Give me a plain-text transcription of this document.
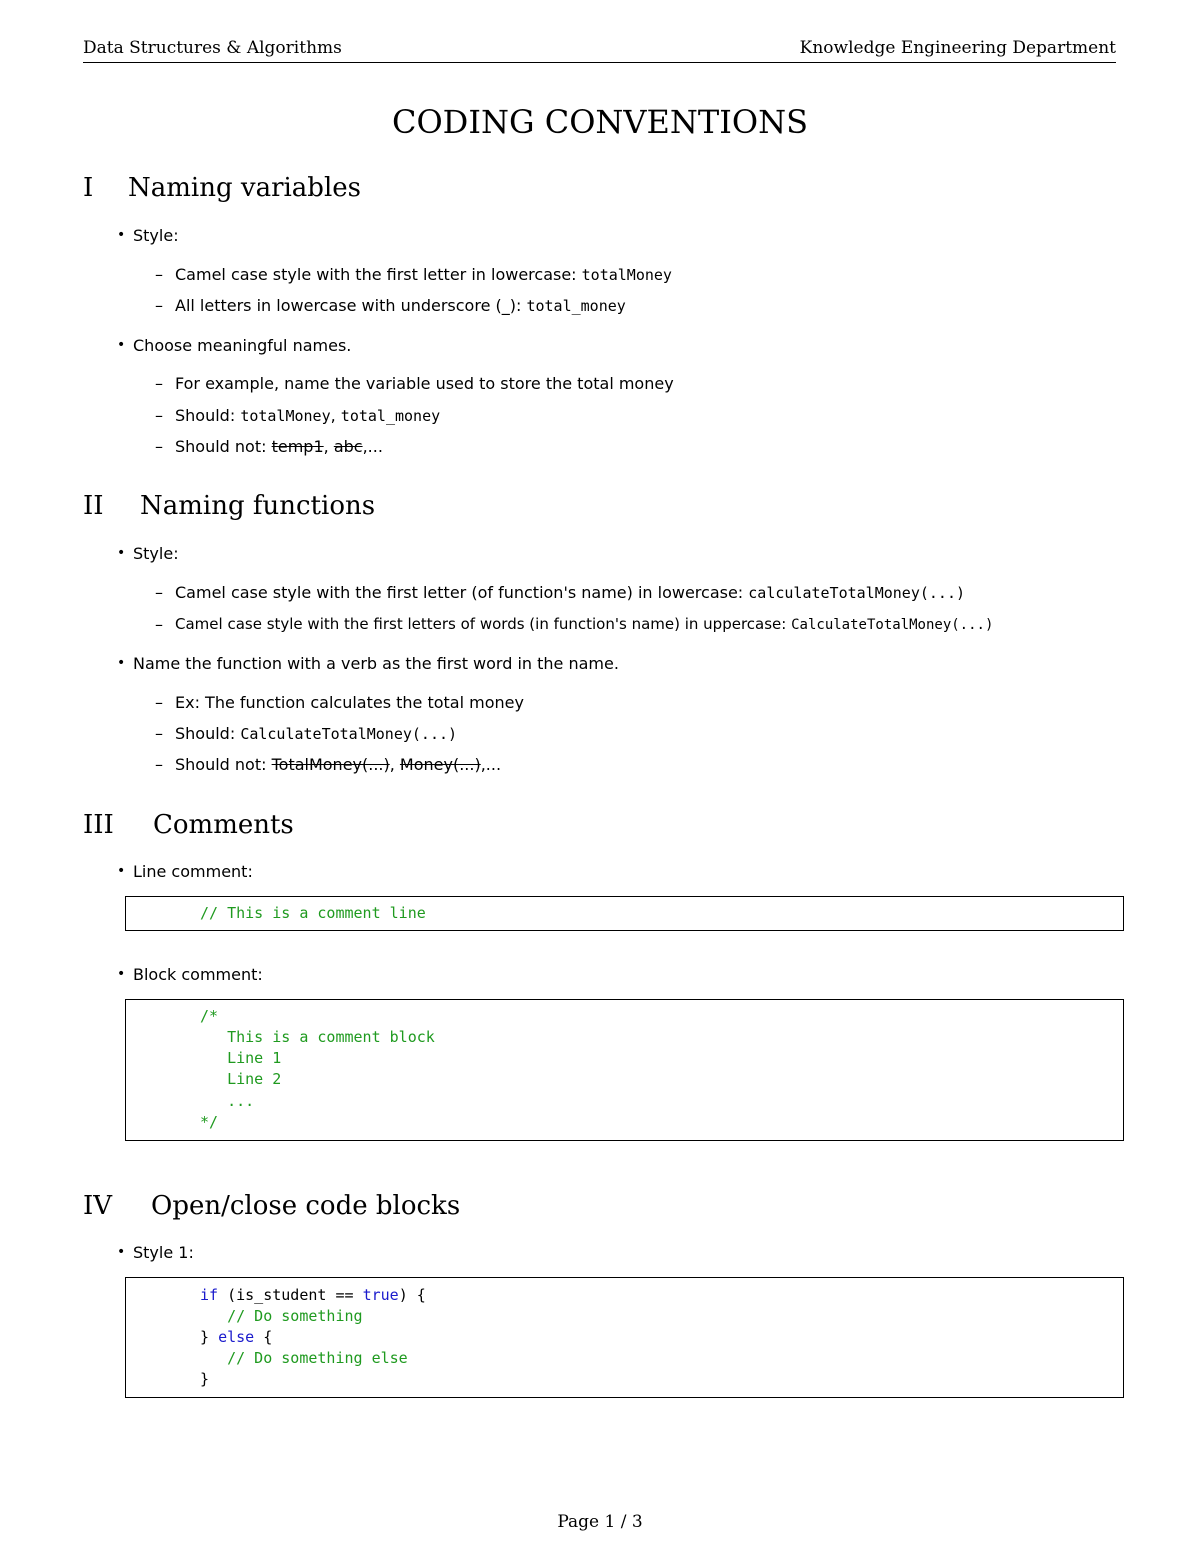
Data Structures & Algorithms	Knowledge Engineering Department
CODING CONVENTIONS
I Naming variables
• Style:
– Camel case style with the first letter in lowercase: totalMoney
– All letters in lowercase with underscore (_): total_money
• Choose meaningful names.
– For example, name the variable used to store the total money
– Should: totalMoney, total_money
– Should not: temp1, abc,...
II Naming functions
• Style:
– Camel case style with the first letter (of function's name) in lowercase: calculateTotalMoney(...)
– Camel case style with the first letters of words (in function's name) in uppercase: CalculateTotalMoney(...)
• Name the function with a verb as the first word in the name.
– Ex: The function calculates the total money
– Should: CalculateTotalMoney(...)
– Should not: TotalMoney(...), Money(...),...
III Comments
• Line comment:
// This is a comment line
• Block comment:
/*
This is a comment block
Line 1
Line 2
...
*/
IV Open/close code blocks
• Style 1:
if (is_student == true) {
// Do something
} else {
// Do something else
}
Page 1 / 3
